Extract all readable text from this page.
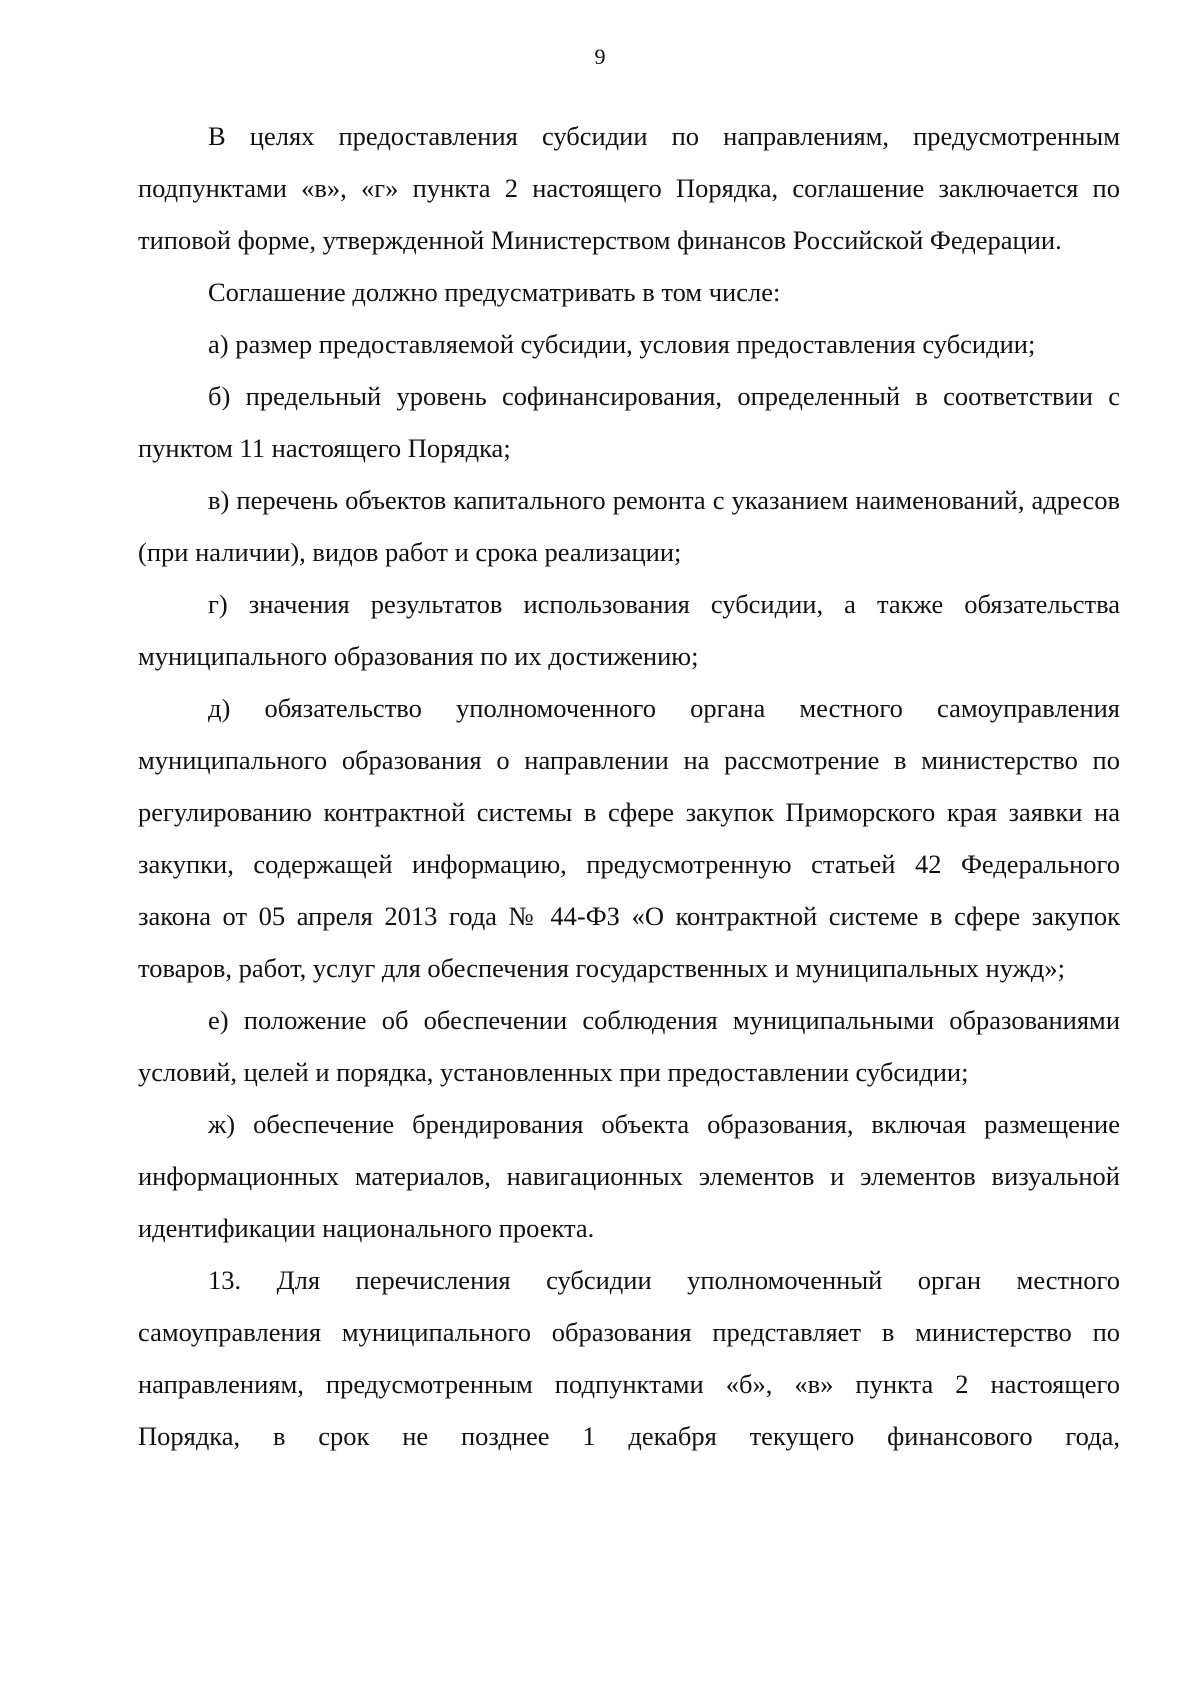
9

В целях предоставления субсидии по направлениям, предусмотренным подпунктами «в», «г» пункта 2 настоящего Порядка, соглашение заключается по типовой форме, утвержденной Министерством финансов Российской Федерации.

Соглашение должно предусматривать в том числе:

а) размер предоставляемой субсидии, условия предоставления субсидии;

б) предельный уровень софинансирования, определенный в соответствии с пунктом 11 настоящего Порядка;

в) перечень объектов капитального ремонта с указанием наименований, адресов (при наличии), видов работ и срока реализации;

г) значения результатов использования субсидии, а также обязательства муниципального образования по их достижению;

д) обязательство уполномоченного органа местного самоуправления муниципального образования о направлении на рассмотрение в министерство по регулированию контрактной системы в сфере закупок Приморского края заявки на закупки, содержащей информацию, предусмотренную статьей 42 Федерального закона от 05 апреля 2013 года № 44-ФЗ «О контрактной системе в сфере закупок товаров, работ, услуг для обеспечения государственных и муниципальных нужд»;

е) положение об обеспечении соблюдения муниципальными образованиями условий, целей и порядка, установленных при предоставлении субсидии;

ж) обеспечение брендирования объекта образования, включая размещение информационных материалов, навигационных элементов и элементов визуальной идентификации национального проекта.

13. Для перечисления субсидии уполномоченный орган местного самоуправления муниципального образования представляет в министерство по направлениям, предусмотренным подпунктами «б», «в» пункта 2 настоящего Порядка, в срок не позднее 1 декабря текущего финансового года,
